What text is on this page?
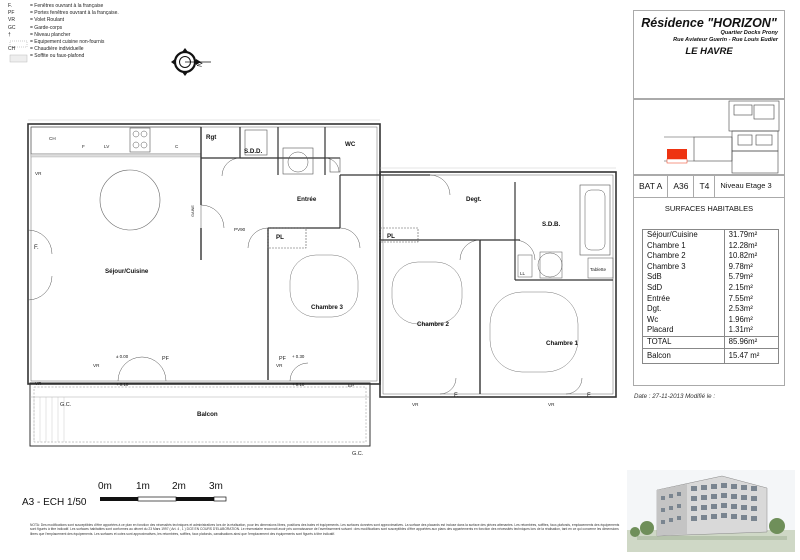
F.	= Fenêtres ouvrant à la française
PF	= Portes fenêtres ouvrant à la française.
VR	= Volet Roulant
GC	= Garde-corps
†	= Niveau plancher
= Equipement cuisine non-fournis
CH	= Chaudière individuelle
= Soffite ou faux-plafond
N
Rgt
S.D.D.
WC
Entrée	Degt.
S.D.B.
Séjour/Cuisine
Chambre 3
Chambre 2
Chambre 1
Balcon
CH
F	LV	C
VR
F.
PV90
GAINE
PL	PL
LL
Tablette
VR
PF	PF
VR
± 0.00	+ 0.30
+ 0.10	+ 0.10	EP
VR
G.C.
G.C.
F.	F.
VR	VR
Résidence "HORIZON"
Quartier Docks Prony
Rue Aviateur Guerin - Rue Louis Eudier
LE HAVRE
BAT A	A36	T4	Niveau Etage 3
SURFACES HABITABLES
Séjour/Cuisine	31.79m²
Chambre 1	12.28m²
Chambre 2	10.82m²
Chambre 3	9.78m²
SdB	5.79m²
SdD	2.15m²
Entrée	7.55m²
Dgt.	2.53m²
Wc	1.96m²
Placard	1.31m²
TOTAL	85.96m²
Balcon	15.47 m²
Date : 27-11-2013 Modifié le :
0m 1m 2m 3m
A3 - ECH 1/50
NOTA: Des modifications sont susceptibles d'être apportées à ce plan en fonction des nécessités techniques et administratives lors de la réalisation, pour les dimensions libres, positions des baies et équipements. Les surfaces données sont approximatives. La surface des placards est incluse dans la surface des pièces attenantes. Les retombées, soffites, faux-plafonds, emplacements des équipements sont figurés à titre indicatif. Les surfaces habitables sont conformes au décret du 23 Mars 1997 ( Art. 4 , 1 ) DCE EN COURS D'ELABORATION. Le réservataire reconnaît avoir pris connaissance de l'avertissement suivant : des modifications sont susceptibles d'être apportées aux plans des appartements en fonction des nécessités techniques lors de la réalisation, tant en ce qui concerne les dimensions libres que l'emplacement des équipements. Les surfaces et cotes sont approximatives, les retombées, soffites, faux plafonds, canalisations ainsi que l'emplacement des équipements sont figurés à titre indicatif.
